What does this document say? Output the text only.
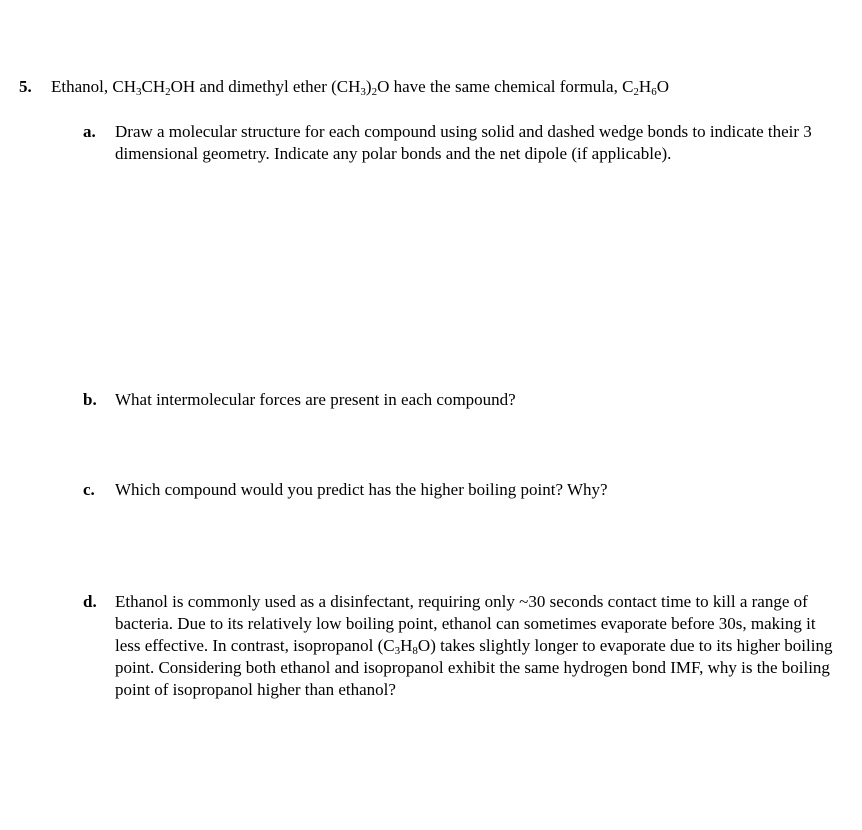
5. Ethanol, $CH_3CH_2OH$ and dimethyl ether $(CH_3)_2O$ have the same chemical formula, $C_2H_6O$
a. Draw a molecular structure for each compound using solid and dashed wedge bonds to indicate their 3 dimensional geometry. Indicate any polar bonds and the net dipole (if applicable).
b. What intermolecular forces are present in each compound?
c. Which compound would you predict has the higher boiling point? Why?
d. Ethanol is commonly used as a disinfectant, requiring only ~30 seconds contact time to kill a range of bacteria. Due to its relatively low boiling point, ethanol can sometimes evaporate before 30s, making it less effective. In contrast, isopropanol $(C_3H_8O)$ takes slightly longer to evaporate due to its higher boiling point. Considering both ethanol and isopropanol exhibit the same hydrogen bond IMF, why is the boiling point of isopropanol higher than ethanol?
